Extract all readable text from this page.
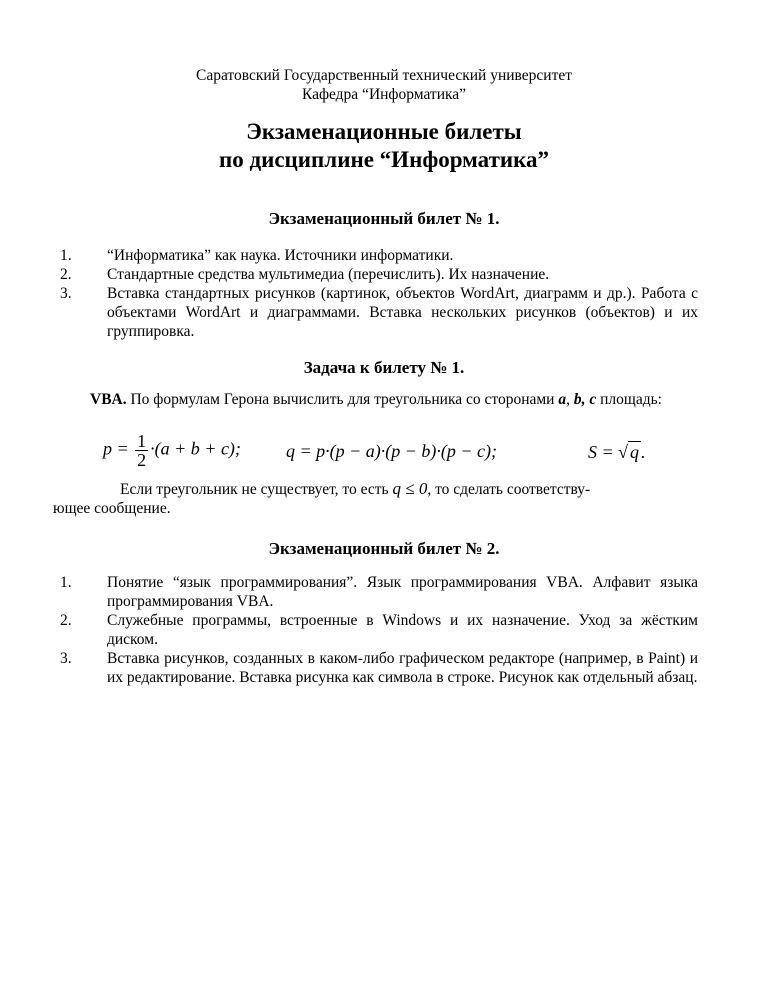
Саратовский Государственный технический университет
Кафедра “Информатика”
Экзаменационные билеты
по дисциплине “Информатика”
Экзаменационный билет № 1.
1. “Информатика” как наука. Источники информатики.
2. Стандартные средства мультимедиа (перечислить). Их назначение.
3. Вставка стандартных рисунков (картинок, объектов WordArt, диаграмм и др.). Работа с объектами WordArt и диаграммами. Вставка нескольких рисунков (объектов) и их группировка.
Задача к билету № 1.
VBA. По формулам Герона вычислить для треугольника со сторонами a, b, c площадь:
$p = \frac{1}{2} \cdot(a + b + c)$;	q = p·(p − a)·(p − b)·(p − c);	S = √ q .
Если треугольник не существует, то есть q ≤ 0, то сделать соответству-
ющее сообщение.
Экзаменационный билет № 2.
1. Понятие “язык программирования”. Язык программирования VBA. Алфавит языка программирования VBA.
2. Служебные программы, встроенные в Windows и их назначение. Уход за жёстким диском.
3. Вставка рисунков, созданных в каком-либо графическом редакторе (например, в Paint) и их редактирование. Вставка рисунка как символа в строке. Рисунок как отдельный абзац.
